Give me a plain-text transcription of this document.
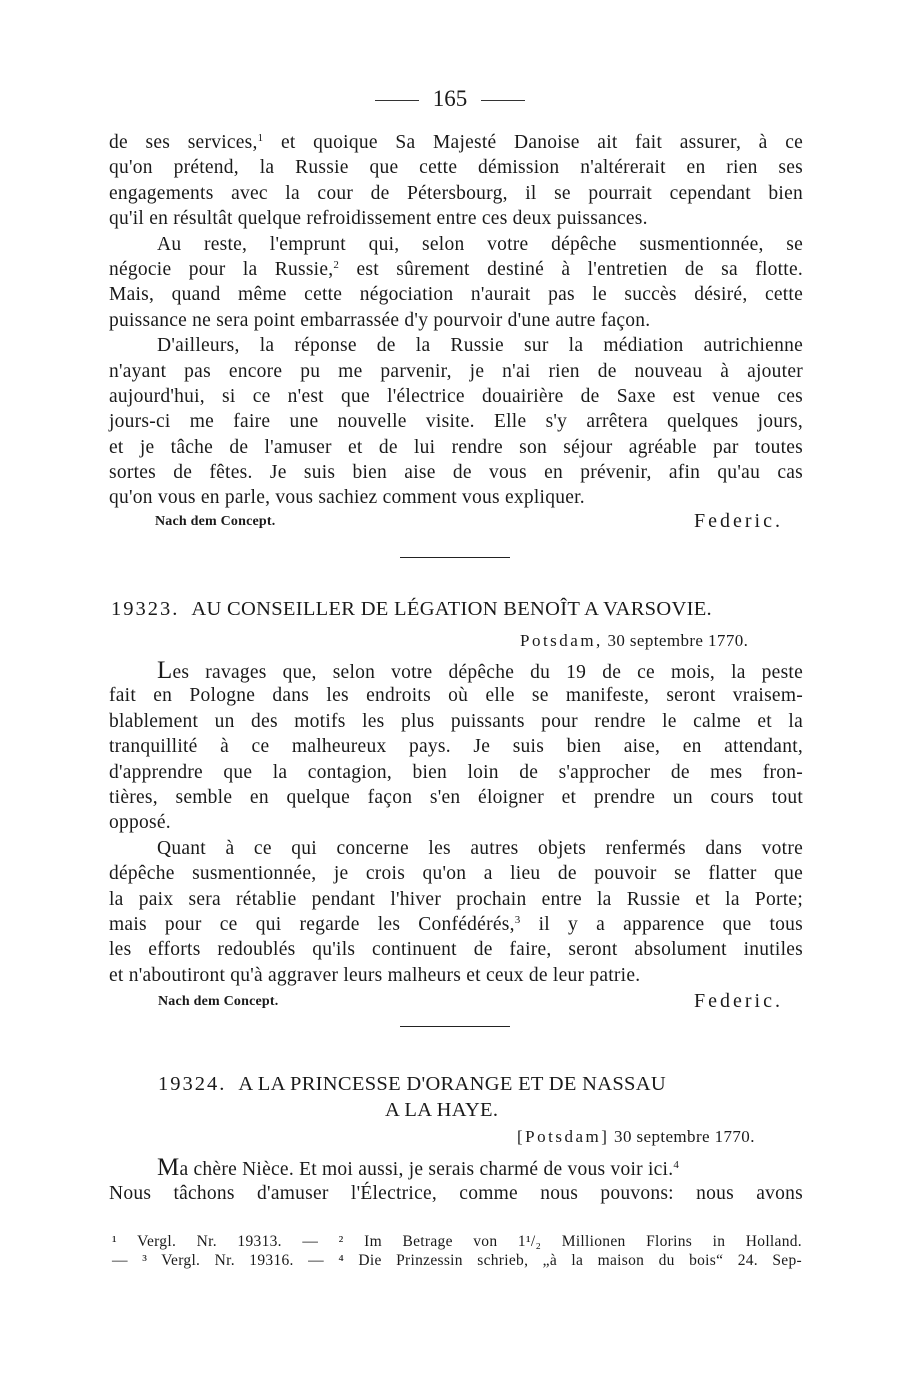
165
de ses services,$^1$ et quoique Sa Majesté Danoise ait fait assurer, à ce
qu'on prétend, la Russie que cette démission n'altérerait en rien ses
engagements avec la cour de Pétersbourg, il se pourrait cependant bien
qu'il en résultât quelque refroidissement entre ces deux puissances.
Au reste, l'emprunt qui, selon votre dépêche susmentionnée, se
négocie pour la Russie,$^2$ est sûrement destiné à l'entretien de sa flotte.
Mais, quand même cette négociation n'aurait pas le succès désiré, cette
puissance ne sera point embarrassée d'y pourvoir d'une autre façon.
D'ailleurs, la réponse de la Russie sur la médiation autrichienne
n'ayant pas encore pu me parvenir, je n'ai rien de nouveau à ajouter
aujourd'hui, si ce n'est que l'électrice douairière de Saxe est venue ces
jours-ci me faire une nouvelle visite. Elle s'y arrêtera quelques jours,
et je tâche de l'amuser et de lui rendre son séjour agréable par toutes
sortes de fêtes. Je suis bien aise de vous en prévenir, afin qu'au cas
qu'on vous en parle, vous sachiez comment vous expliquer.
Nach dem Concept.	Federic.
19323. AU CONSEILLER DE LÉGATION BENOÎT A VARSOVIE.
Potsdam, 30 septembre 1770.
Les ravages que, selon votre dépêche du 19 de ce mois, la peste
fait en Pologne dans les endroits où elle se manifeste, seront vraisem-
blablement un des motifs les plus puissants pour rendre le calme et la
tranquillité à ce malheureux pays. Je suis bien aise, en attendant,
d'apprendre que la contagion, bien loin de s'approcher de mes fron-
tières, semble en quelque façon s'en éloigner et prendre un cours tout
opposé.
Quant à ce qui concerne les autres objets renfermés dans votre
dépêche susmentionnée, je crois qu'on a lieu de pouvoir se flatter que
la paix sera rétablie pendant l'hiver prochain entre la Russie et la Porte;
mais pour ce qui regarde les Confédérés,$^3$ il y a apparence que tous
les efforts redoublés qu'ils continuent de faire, seront absolument inutiles
et n'aboutiront qu'à aggraver leurs malheurs et ceux de leur patrie.
Nach dem Concept.	Federic.
19324. A LA PRINCESSE D'ORANGE ET DE NASSAU
A LA HAYE.
[Potsdam] 30 septembre 1770.
Ma chère Nièce. Et moi aussi, je serais charmé de vous voir ici.$^4$
Nous tâchons d'amuser l'Électrice, comme nous pouvons: nous avons
¹ Vergl. Nr. 19313. — ² Im Betrage von 1¹/₂ Millionen Florins in Holland.
— ³ Vergl. Nr. 19316. — ⁴ Die Prinzessin schrieb, „à la maison du bois“ 24. Sep-
